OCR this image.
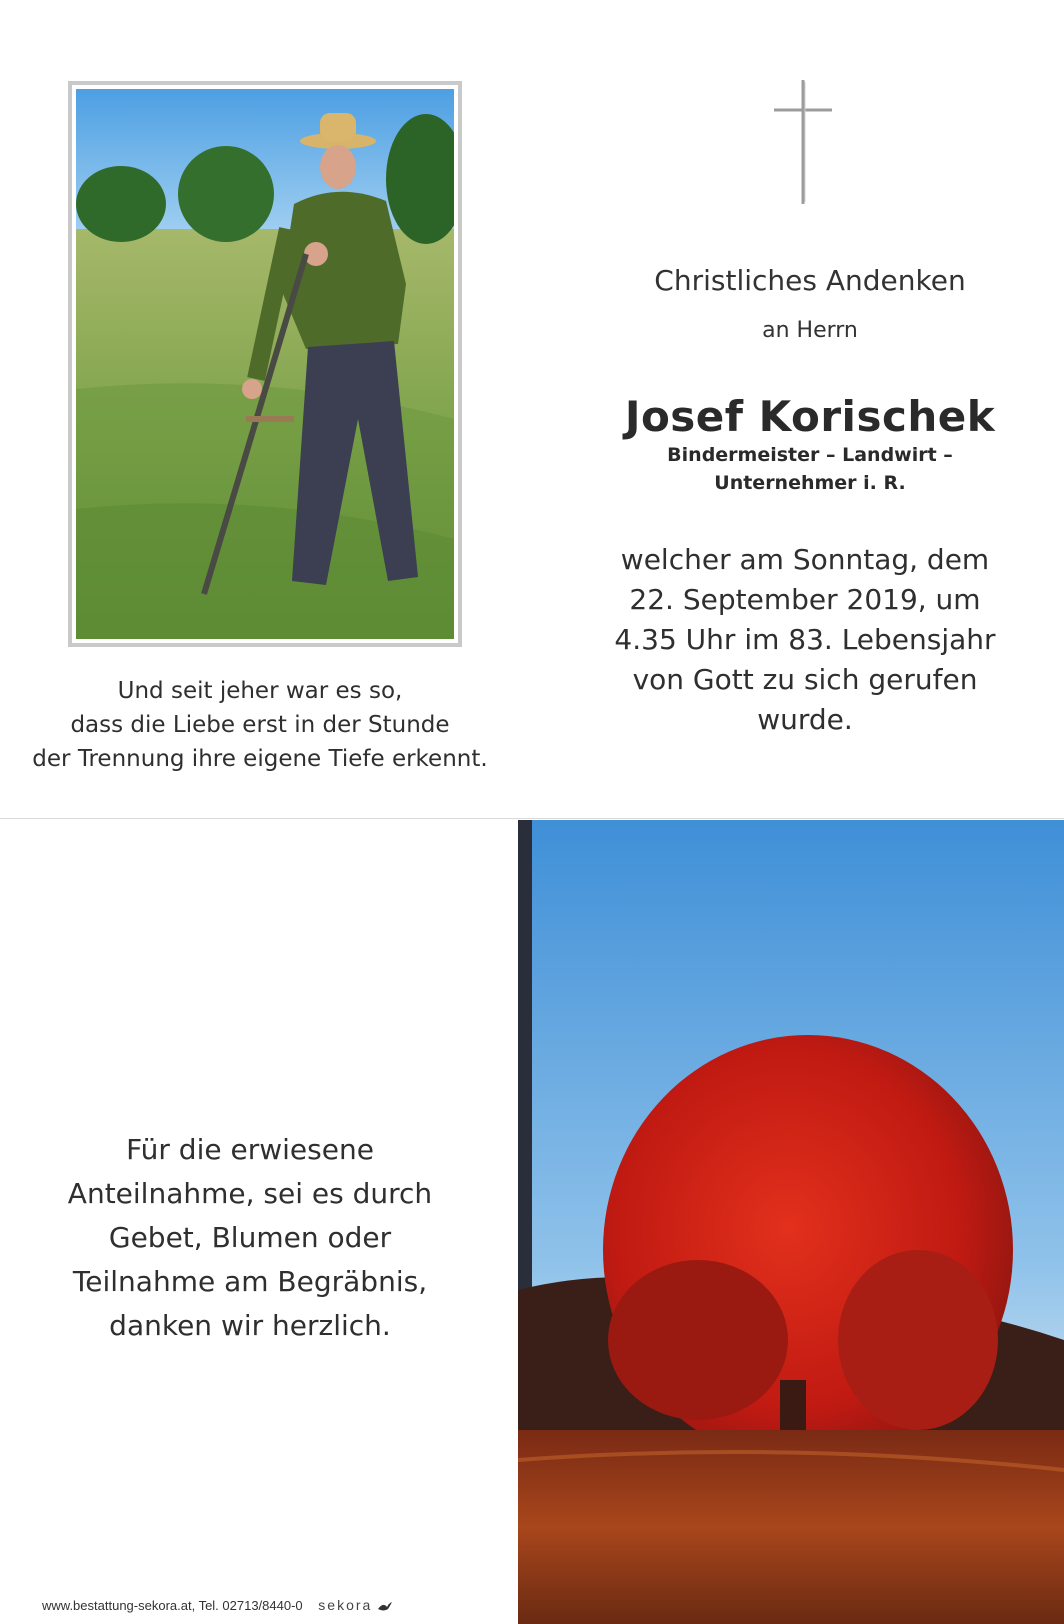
Und seit jeher war es so,
dass die Liebe erst in der Stunde
der Trennung ihre eigene Tiefe erkennt.
Christliches Andenken
an Herrn
Josef Korischek
Bindermeister – Landwirt –
Unternehmer i. R.
welcher am Sonntag, dem
22. September 2019, um
4.35 Uhr im 83. Lebensjahr
von Gott zu sich gerufen
wurde.
Für die erwiesene
Anteilnahme, sei es durch
Gebet, Blumen oder
Teilnahme am Begräbnis,
danken wir herzlich.
www.bestattung-sekora.at, Tel. 02713/8440-0 sekora
